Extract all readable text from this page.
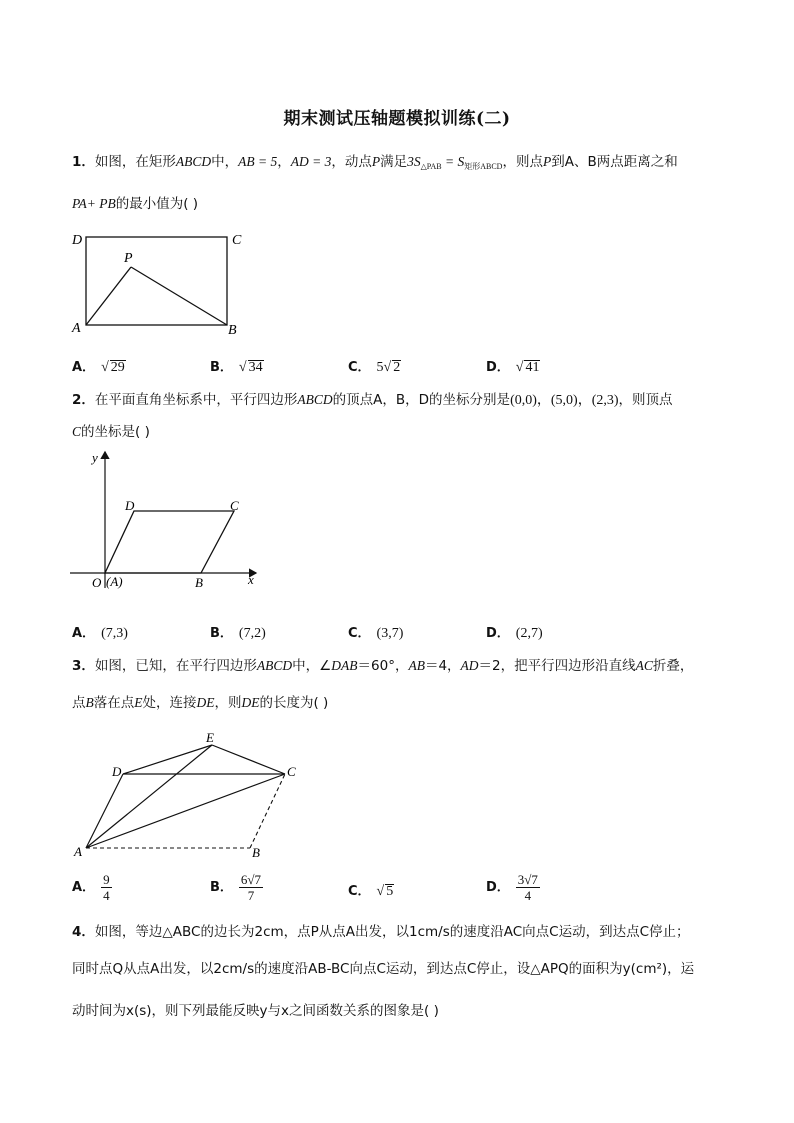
期末测试压轴题模拟训练(二)
1．如图，在矩形ABCD中，AB = 5，AD = 3，动点P满足$3S_{\triangle PAB} = S_{矩形ABCD}$，则点P到A、B两点距离之和
PA+ PB的最小值为( )
D	C
P
A	B
A． √ 29	B． √ 34	C． 5√ 2	D． √ 41
2．在平面直角坐标系中，平行四边形ABCD的顶点A，B，D的坐标分别是(0,0)，(5,0)，(2,3)，则顶点
C的坐标是( )
x
y
D	C
O (A)	B
A． (7,3)	B． (7,2)	C． (3,7)	D． (2,7)
3．如图，已知，在平行四边形ABCD中，∠DAB＝60°，AB＝4，AD＝2，把平行四边形沿直线AC折叠，
点B落在点E处，连接DE，则DE的长度为( )
A	B
C
D
E
A． $\frac{9}{4}$	B． $\frac{6√7}{7}$	C． √ 5	D． $\frac{3√7}{4}$
4．如图，等边△ABC的边长为2cm，点P从点A出发，以1cm/s的速度沿AC向点C运动，到达点C停止；
同时点Q从点A出发，以2cm/s的速度沿AB-BC向点C运动，到达点C停止，设△APQ的面积为y(cm²)，运
动时间为x(s)，则下列最能反映y与x之间函数关系的图象是( )
